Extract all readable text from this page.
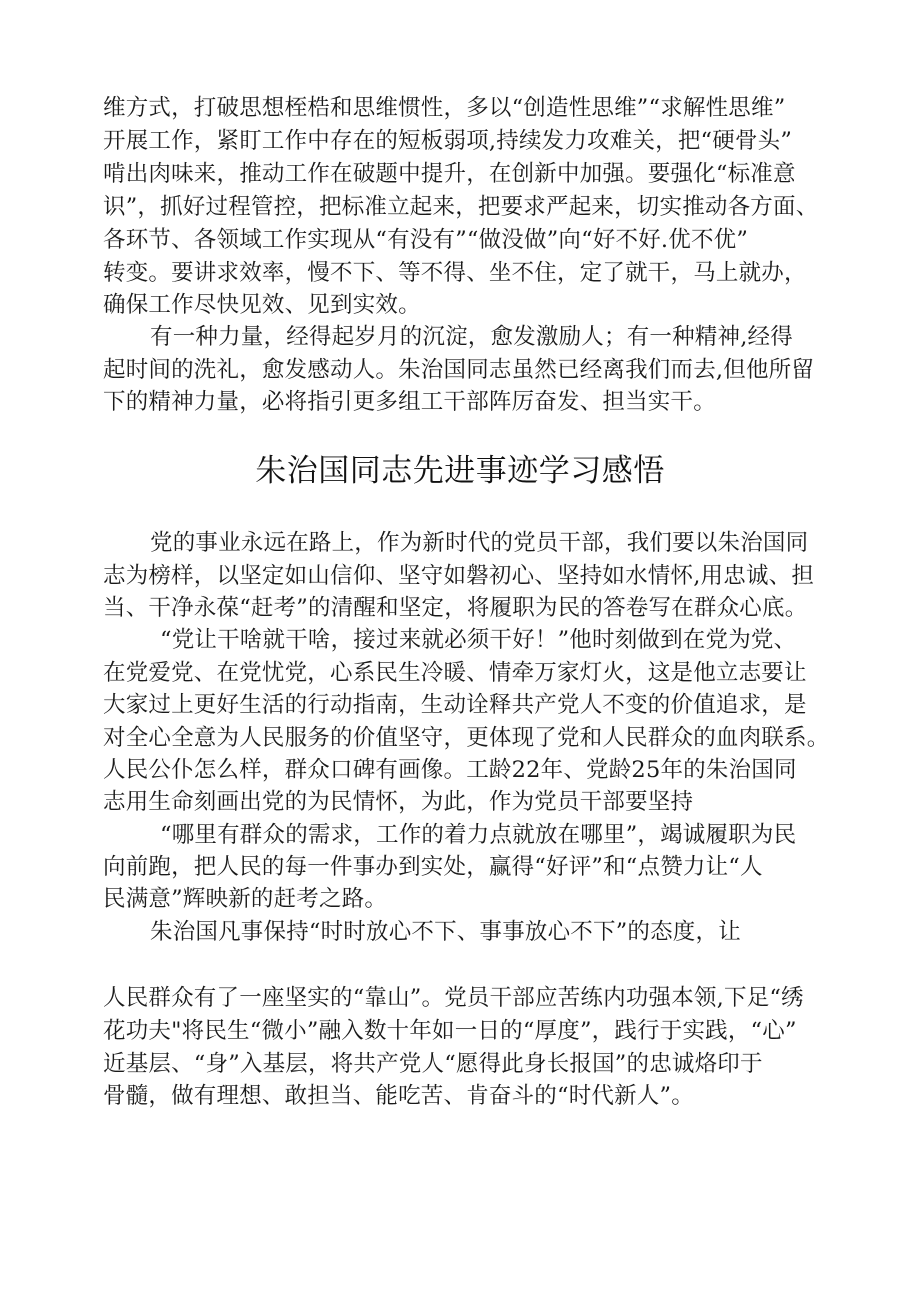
维方式，打破思想桎梏和思维惯性，多以“创造性思维”“求解性思维”

开展工作，紧盯工作中存在的短板弱项,持续发力攻难关，把“硬骨头”

啃出肉味来，推动工作在破题中提升，在创新中加强。要强化“标准意

识”，抓好过程管控，把标准立起来，把要求严起来，切实推动各方面、

各环节、各领域工作实现从“有没有”“做没做”向“好不好.优不优”

转变。要讲求效率，慢不下、等不得、坐不住，定了就干，马上就办，

确保工作尽快见效、见到实效。

有一种力量，经得起岁月的沉淀，愈发激励人；有一种精神,经得

起时间的洗礼，愈发感动人。朱治国同志虽然已经离我们而去,但他所留

下的精神力量，必将指引更多组工干部阵厉奋发、担当实干。

朱治国同志先进事迹学习感悟

党的事业永远在路上，作为新时代的党员干部，我们要以朱治国同

志为榜样，以坚定如山信仰、坚守如磐初心、坚持如水情怀,用忠诚、担

当、干净永葆“赶考”的清醒和坚定，将履职为民的答卷写在群众心底。

“党让干啥就干啥，接过来就必须干好！”他时刻做到在党为党、

在党爱党、在党忧党，心系民生冷暖、情牵万家灯火，这是他立志要让

大家过上更好生活的行动指南，生动诠释共产党人不变的价值追求，是

对全心全意为人民服务的价值坚守，更体现了党和人民群众的血肉联系。

人民公仆怎么样，群众口碑有画像。工龄22年、党龄25年的朱治国同

志用生命刻画出党的为民情怀，为此，作为党员干部要坚持

“哪里有群众的需求，工作的着力点就放在哪里”，竭诚履职为民

向前跑，把人民的每一件事办到实处，赢得“好评”和“点赞力让“人

民满意”辉映新的赶考之路。

朱治国凡事保持“时时放心不下、事事放心不下”的态度，让

人民群众有了一座坚实的“靠山”。党员干部应苦练内功强本领,下足“绣

花功夫"将民生“微小”融入数十年如一日的“厚度”，践行于实践，“心”

近基层、“身”入基层，将共产党人“愿得此身长报国”的忠诚烙印于

骨髓，做有理想、敢担当、能吃苦、肯奋斗的“时代新人”。
